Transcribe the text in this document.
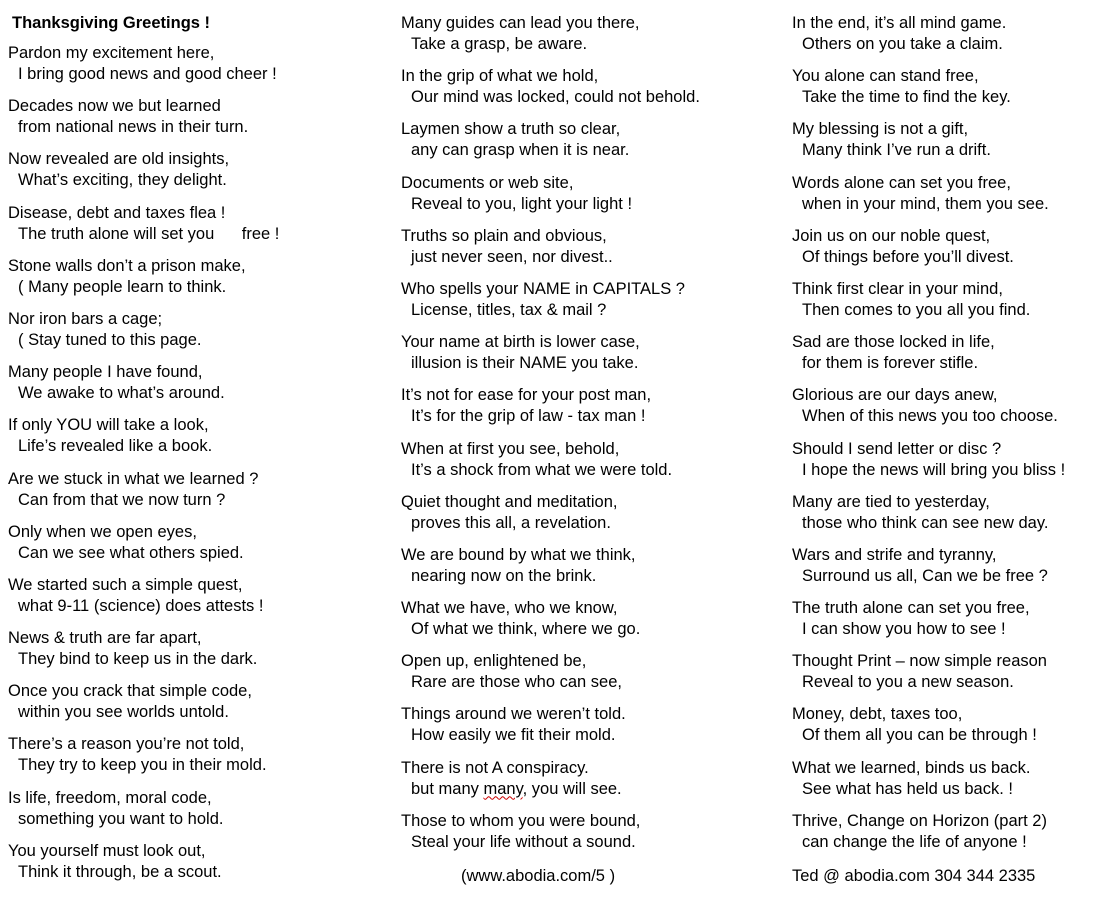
Thanksgiving Greetings !
Pardon my excitement here,
I bring good news and good cheer !
Decades now we but learned
from national news in their turn.
Now revealed are old insights,
What’s exciting, they delight.
Disease, debt and taxes flea !
The truth alone will set you      free !
Stone walls don’t a prison make,
( Many people learn to think.
Nor iron bars a cage;
( Stay tuned to this page.
Many people I have found,
We awake to what’s around.
If only YOU will take a look,
Life’s revealed like a book.
Are we stuck in what we learned ?
Can from that we now turn ?
Only when we open eyes,
Can we see what others spied.
We started such a simple quest,
what 9-11 (science) does attests !
News & truth are far apart,
They bind to keep us in the dark.
Once you crack that simple code,
within you see worlds untold.
There’s a reason you’re not told,
They try to keep you in their mold.
Is life, freedom, moral code,
something you want to hold.
You yourself must look out,
Think it through, be a scout.
Many guides can lead you there,
Take a grasp, be aware.
In the grip of what we hold,
Our mind was locked, could not behold.
Laymen show a truth so clear,
any can grasp when it is near.
Documents or web site,
Reveal to you, light your light !
Truths so plain and obvious,
just never seen, nor divest..
Who spells your NAME in CAPITALS ?
License, titles, tax & mail ?
Your name at birth is lower case,
illusion is their NAME you take.
It’s not for ease for your post man,
It’s for the grip of law - tax man !
When at first you see, behold,
It’s a shock from what we were told.
Quiet thought and meditation,
proves this all, a revelation.
We are bound by what we think,
nearing now on the brink.
What we have, who we know,
Of what we think, where we go.
Open up, enlightened be,
Rare are those who can see,
Things around we weren’t told.
How easily we fit their mold.
There is not A conspiracy.
but many many, you will see.
Those to whom you were bound,
Steal your life without a sound.
(www.abodia.com/5 )
In the end, it’s all mind game.
Others on you take a claim.
You alone can stand free,
Take the time to find the key.
My blessing is not a gift,
Many think I’ve run a drift.
Words alone can set you free,
when in your mind, them you see.
Join us on our noble quest,
Of things before you’ll divest.
Think first clear in your mind,
Then comes to you all you find.
Sad are those locked in life,
for them is forever stifle.
Glorious are our days anew,
When of this news you too choose.
Should I send letter or disc ?
I hope the news will bring you bliss !
Many are tied to yesterday,
those who think can see new day.
Wars and strife and tyranny,
Surround us all, Can we be free ?
The truth alone can set you free,
I can show you how to see !
Thought Print – now simple reason
Reveal to you a new season.
Money, debt, taxes too,
Of them all you can be through !
What we learned, binds us back.
See what has held us back. !
Thrive, Change on Horizon (part 2)
can change the life of anyone !
Ted @ abodia.com 304 344 2335
